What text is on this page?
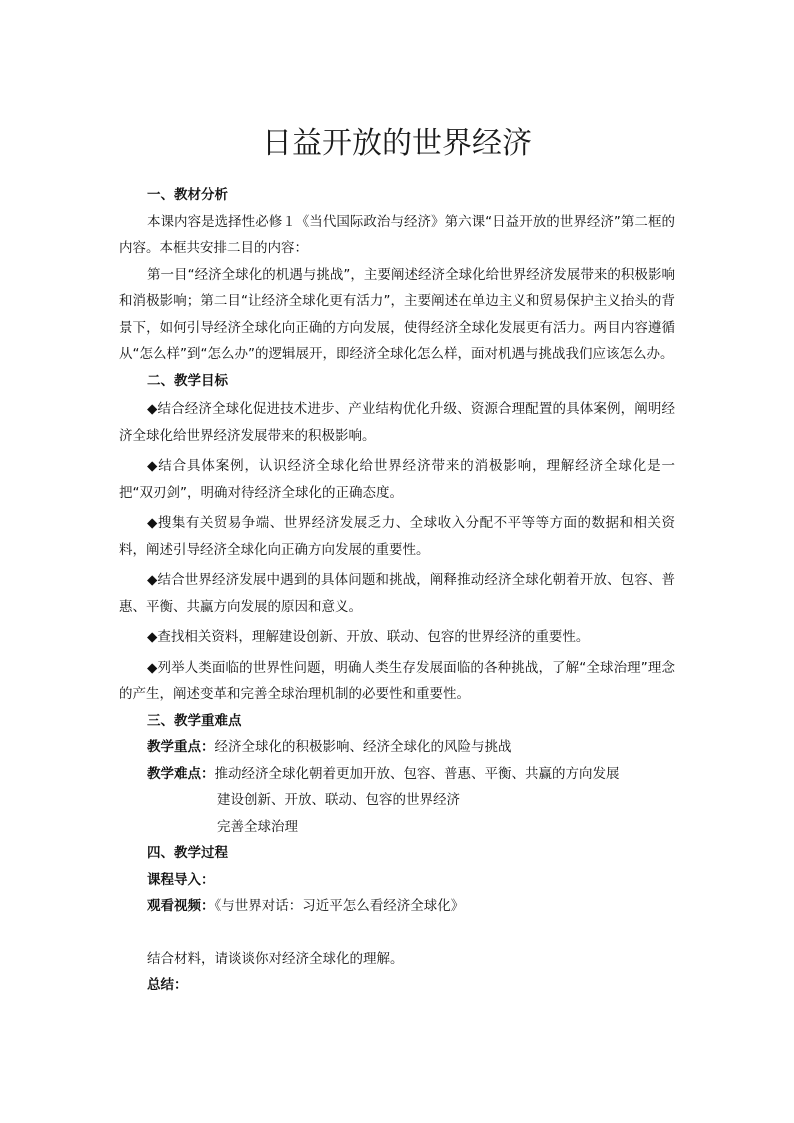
日益开放的世界经济
一、教材分析
本课内容是选择性必修１《当代国际政治与经济》第六课“日益开放的世界经济”第二框的内容。本框共安排二目的内容：
第一目“经济全球化的机遇与挑战”，主要阐述经济全球化给世界经济发展带来的积极影响和消极影响；第二目“让经济全球化更有活力”，主要阐述在单边主义和贸易保护主义抬头的背景下，如何引导经济全球化向正确的方向发展，使得经济全球化发展更有活力。两目内容遵循从“怎么样”到“怎么办”的逻辑展开，即经济全球化怎么样，面对机遇与挑战我们应该怎么办。
二、教学目标
◆结合经济全球化促进技术进步、产业结构优化升级、资源合理配置的具体案例，阐明经济全球化给世界经济发展带来的积极影响。
◆结合具体案例，认识经济全球化给世界经济带来的消极影响，理解经济全球化是一把“双刃剑”，明确对待经济全球化的正确态度。
◆搜集有关贸易争端、世界经济发展乏力、全球收入分配不平等等方面的数据和相关资料，阐述引导经济全球化向正确方向发展的重要性。
◆结合世界经济发展中遇到的具体问题和挑战，阐释推动经济全球化朝着开放、包容、普惠、平衡、共赢方向发展的原因和意义。
◆查找相关资料，理解建设创新、开放、联动、包容的世界经济的重要性。
◆列举人类面临的世界性问题，明确人类生存发展面临的各种挑战，了解“全球治理”理念的产生，阐述变革和完善全球治理机制的必要性和重要性。
三、教学重难点
教学重点：经济全球化的积极影响、经济全球化的风险与挑战
教学难点：推动经济全球化朝着更加开放、包容、普惠、平衡、共赢的方向发展
建设创新、开放、联动、包容的世界经济
完善全球治理
四、教学过程
课程导入：
观看视频：《与世界对话：习近平怎么看经济全球化》
结合材料，请谈谈你对经济全球化的理解。
总结：
